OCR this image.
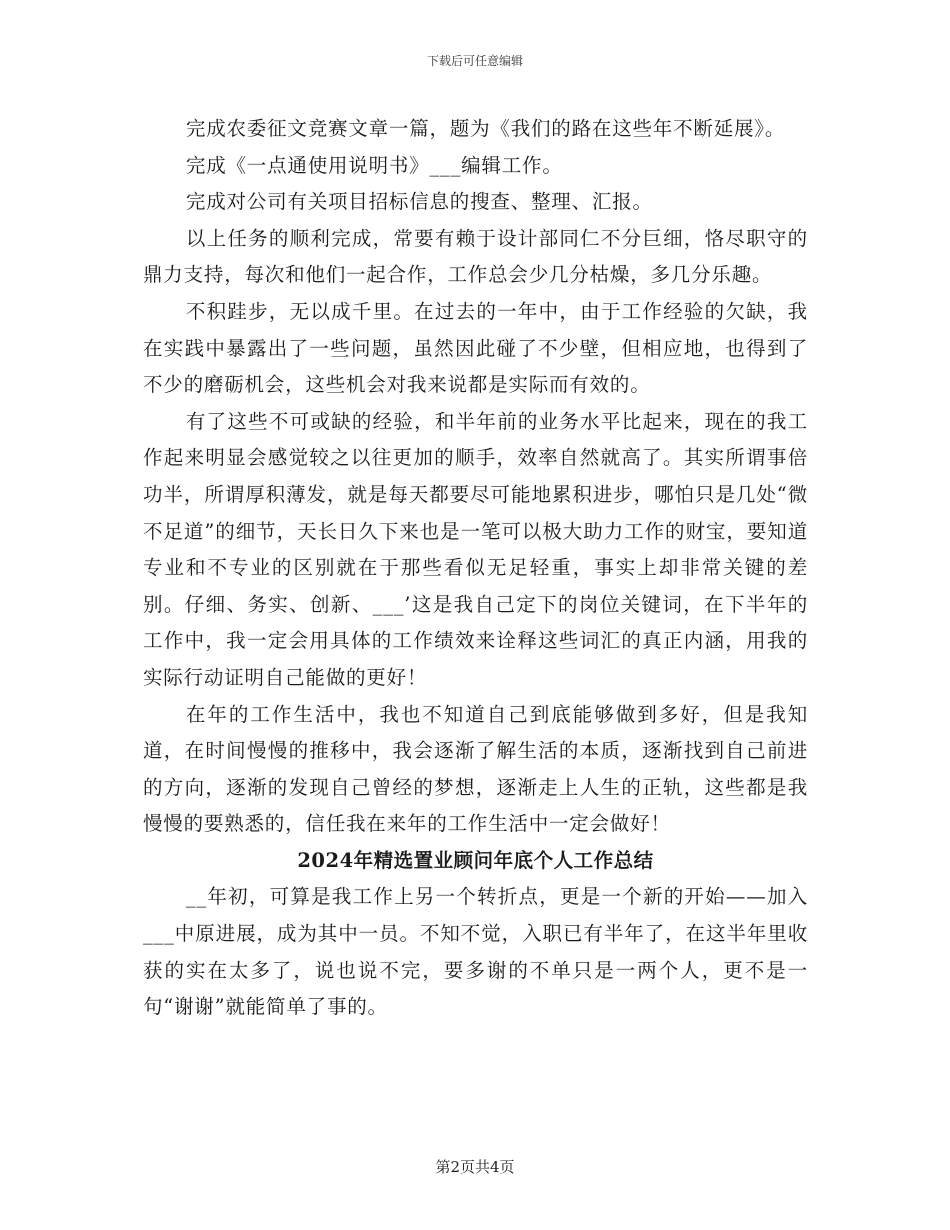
下载后可任意编辑

完成农委征文竞赛文章一篇，题为《我们的路在这些年不断延展》。

完成《一点通使用说明书》___编辑工作。

完成对公司有关项目招标信息的搜查、整理、汇报。

以上任务的顺利完成，常要有赖于设计部同仁不分巨细，恪尽职守的鼎力支持，每次和他们一起合作，工作总会少几分枯燥，多几分乐趣。

不积跬步，无以成千里。在过去的一年中，由于工作经验的欠缺，我在实践中暴露出了一些问题，虽然因此碰了不少壁，但相应地，也得到了不少的磨砺机会，这些机会对我来说都是实际而有效的。

有了这些不可或缺的经验，和半年前的业务水平比起来，现在的我工作起来明显会感觉较之以往更加的顺手，效率自然就高了。其实所谓事倍功半，所谓厚积薄发，就是每天都要尽可能地累积进步，哪怕只是几处“微不足道”的细节，天长日久下来也是一笔可以极大助力工作的财宝，要知道专业和不专业的区别就在于那些看似无足轻重，事实上却非常关键的差别。仔细、务实、创新、___’这是我自己定下的岗位关键词，在下半年的工作中，我一定会用具体的工作绩效来诠释这些词汇的真正内涵，用我的实际行动证明自己能做的更好！

在年的工作生活中，我也不知道自己到底能够做到多好，但是我知道，在时间慢慢的推移中，我会逐渐了解生活的本质，逐渐找到自己前进的方向，逐渐的发现自己曾经的梦想，逐渐走上人生的正轨，这些都是我慢慢的要熟悉的，信任我在来年的工作生活中一定会做好！

2024年精选置业顾问年底个人工作总结

__年初，可算是我工作上另一个转折点，更是一个新的开始——加入___中原进展，成为其中一员。不知不觉，入职已有半年了，在这半年里收获的实在太多了，说也说不完，要多谢的不单只是一两个人，更不是一句“谢谢”就能简单了事的。

第2页共4页
